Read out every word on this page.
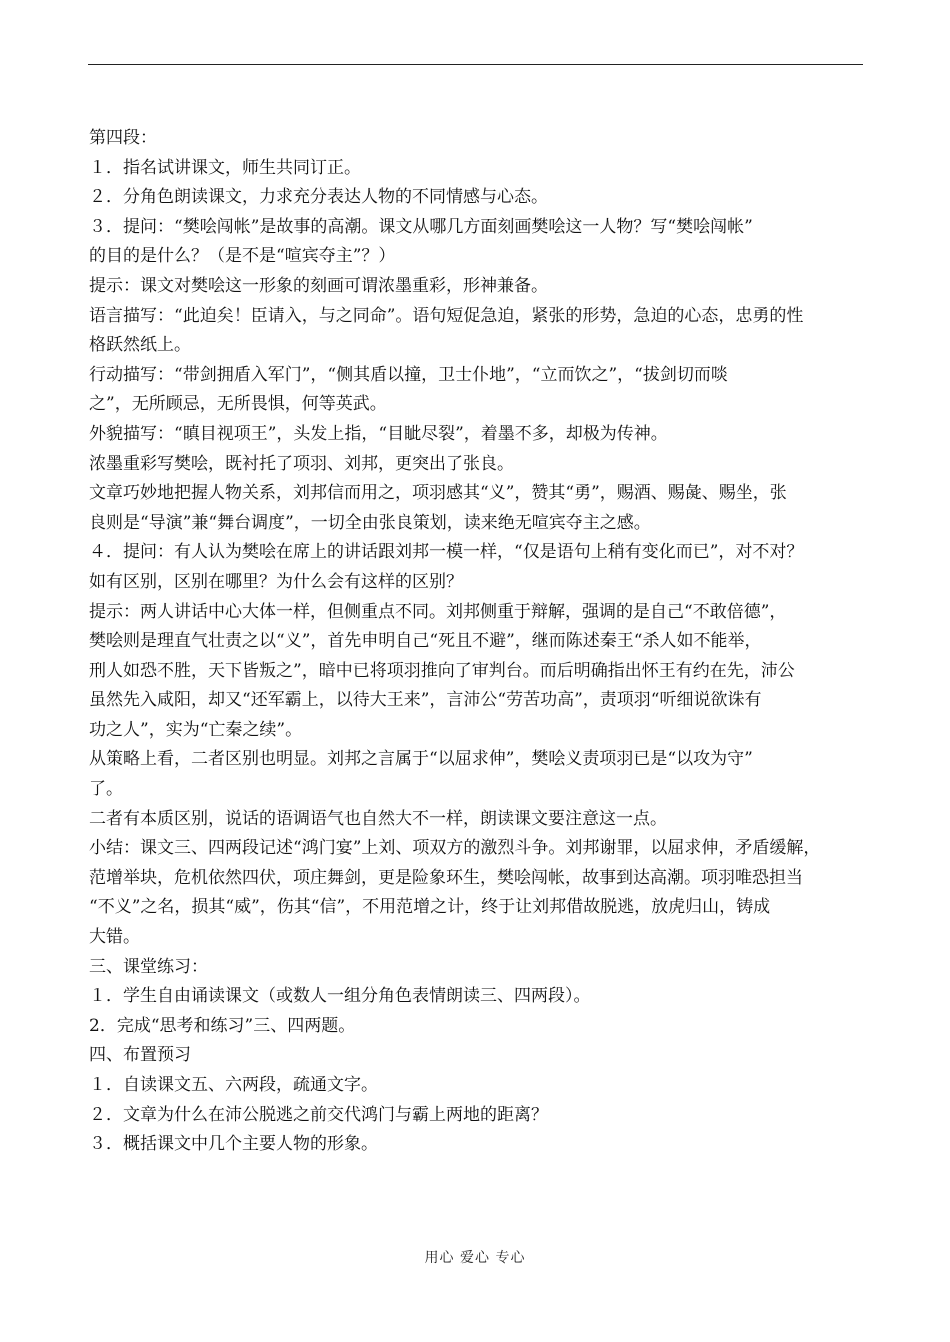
第四段：
１．指名试讲课文，师生共同订正。
２．分角色朗读课文，力求充分表达人物的不同情感与心态。
３．提问：“樊哙闯帐”是故事的高潮。课文从哪几方面刻画樊哙这一人物？写“樊哙闯帐”
的目的是什么？（是不是“喧宾夺主”？）
提示：课文对樊哙这一形象的刻画可谓浓墨重彩，形神兼备。
语言描写：“此迫矣！臣请入，与之同命”。语句短促急迫，紧张的形势，急迫的心态，忠勇的性
格跃然纸上。
行动描写：“带剑拥盾入军门”，“侧其盾以撞，卫士仆地”，“立而饮之”，“拔剑切而啖
之”，无所顾忌，无所畏惧，何等英武。
外貌描写：“瞋目视项王”，头发上指，“目眦尽裂”，着墨不多，却极为传神。
浓墨重彩写樊哙，既衬托了项羽、刘邦，更突出了张良。
文章巧妙地把握人物关系，刘邦信而用之，项羽感其“义”，赞其“勇”，赐酒、赐彘、赐坐，张
良则是“导演”兼“舞台调度”，一切全由张良策划，读来绝无喧宾夺主之感。
４．提问：有人认为樊哙在席上的讲话跟刘邦一模一样，“仅是语句上稍有变化而已”，对不对？
如有区别，区别在哪里？为什么会有这样的区别？
提示：两人讲话中心大体一样，但侧重点不同。刘邦侧重于辩解，强调的是自己“不敢倍德”，
樊哙则是理直气壮责之以“义”，首先申明自己“死且不避”，继而陈述秦王“杀人如不能举，
刑人如恐不胜，天下皆叛之”，暗中已将项羽推向了审判台。而后明确指出怀王有约在先，沛公
虽然先入咸阳，却又“还军霸上，以待大王来”，言沛公“劳苦功高”，责项羽“听细说欲诛有
功之人”，实为“亡秦之续”。
从策略上看，二者区别也明显。刘邦之言属于“以屈求伸”，樊哙义责项羽已是“以攻为守”
了。
二者有本质区别，说话的语调语气也自然大不一样，朗读课文要注意这一点。
小结：课文三、四两段记述“鸿门宴”上刘、项双方的激烈斗争。刘邦谢罪，以屈求伸，矛盾缓解，
范增举块，危机依然四伏，项庄舞剑，更是险象环生，樊哙闯帐，故事到达高潮。项羽唯恐担当
“不义”之名，损其“威”，伤其“信”，不用范增之计，终于让刘邦借故脱逃，放虎归山，铸成
大错。
三、课堂练习：
１．学生自由诵读课文（或数人一组分角色表情朗读三、四两段）。
2．完成“思考和练习”三、四两题。
四、布置预习
１．自读课文五、六两段，疏通文字。
２．文章为什么在沛公脱逃之前交代鸿门与霸上两地的距离？
３．概括课文中几个主要人物的形象。
用心 爱心 专心
